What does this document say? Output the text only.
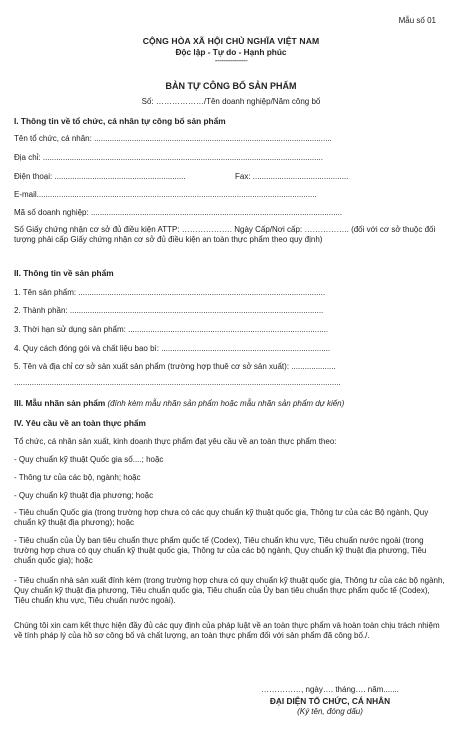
Mẫu số 01
CỘNG HÒA XÃ HỘI CHỦ NGHĨA VIỆT NAM
Độc lập - Tự do - Hạnh phúc
---------------
BẢN TỰ CÔNG BỐ SẢN PHẨM
Số: ………………/Tên doanh nghiệp/Năm công bố
I. Thông tin về tổ chức, cá nhân tự công bố sản phẩm
Tên tổ chức, cá nhân: ...........................................................................................................
Địa chỉ: ..............................................................................................................................
Điện thoại: ...........................................................	Fax: ...........................................
E-mail..............................................................................................................................
Mã số doanh nghiệp: .................................................................................................................
Số Giấy chứng nhận cơ sở đủ điều kiện ATTP: ………………. Ngày Cấp/Nơi cấp: …………….. (đối với cơ sở thuộc đối tượng phải cấp Giấy chứng nhận cơ sở đủ điều kiện an toàn thực phẩm theo quy định)
II. Thông tin về sản phẩm
1. Tên sản phẩm: ...............................................................................................................
2. Thành phần: ..................................................................................................................
3. Thời hạn sử dụng sản phẩm: ..........................................................................................
4. Quy cách đóng gói và chất liệu bao bì: ............................................................................
5. Tên và địa chỉ cơ sở sản xuất sản phẩm (trường hợp thuê cơ sở sản xuất): ....................
...................................................................................................................................................
III. Mẫu nhãn sản phẩm (đính kèm mẫu nhãn sản phẩm hoặc mẫu nhãn sản phẩm dự kiến)
IV. Yêu cầu về an toàn thực phẩm
Tổ chức, cá nhân sản xuất, kinh doanh thực phẩm đạt yêu cầu về an toàn thực phẩm theo:
- Quy chuẩn kỹ thuật Quốc gia số....; hoặc
- Thông tư của các bộ, ngành; hoặc
- Quy chuẩn kỹ thuật địa phương; hoặc
- Tiêu chuẩn Quốc gia (trong trường hợp chưa có các quy chuẩn kỹ thuật quốc gia, Thông tư của các Bộ ngành, Quy chuẩn kỹ thuật địa phương); hoặc
- Tiêu chuẩn của Ủy ban tiêu chuẩn thực phẩm quốc tế (Codex), Tiêu chuẩn khu vực, Tiêu chuẩn nước ngoài (trong trường hợp chưa có quy chuẩn kỹ thuật quốc gia, Thông tư của các bộ ngành, Quy chuẩn kỹ thuật địa phương, Tiêu chuẩn quốc gia); hoặc
- Tiêu chuẩn nhà sản xuất đính kèm (trong trường hợp chưa có quy chuẩn kỹ thuật quốc gia, Thông tư của các bộ ngành, Quy chuẩn kỹ thuật địa phương, Tiêu chuẩn quốc gia, Tiêu chuẩn của Ủy ban tiêu chuẩn thực phẩm quốc tế (Codex), Tiêu chuẩn khu vực, Tiêu chuẩn nước ngoài).
Chúng tôi xin cam kết thực hiện đầy đủ các quy định của pháp luật về an toàn thực phẩm và hoàn toàn chịu trách nhiệm về tính pháp lý của hồ sơ công bố và chất lượng, an toàn thực phẩm đối với sản phẩm đã công bố./.
……………, ngày…. tháng…. năm.......
ĐẠI DIỆN TỔ CHỨC, CÁ NHÂN
(Ký tên, đóng dấu)
